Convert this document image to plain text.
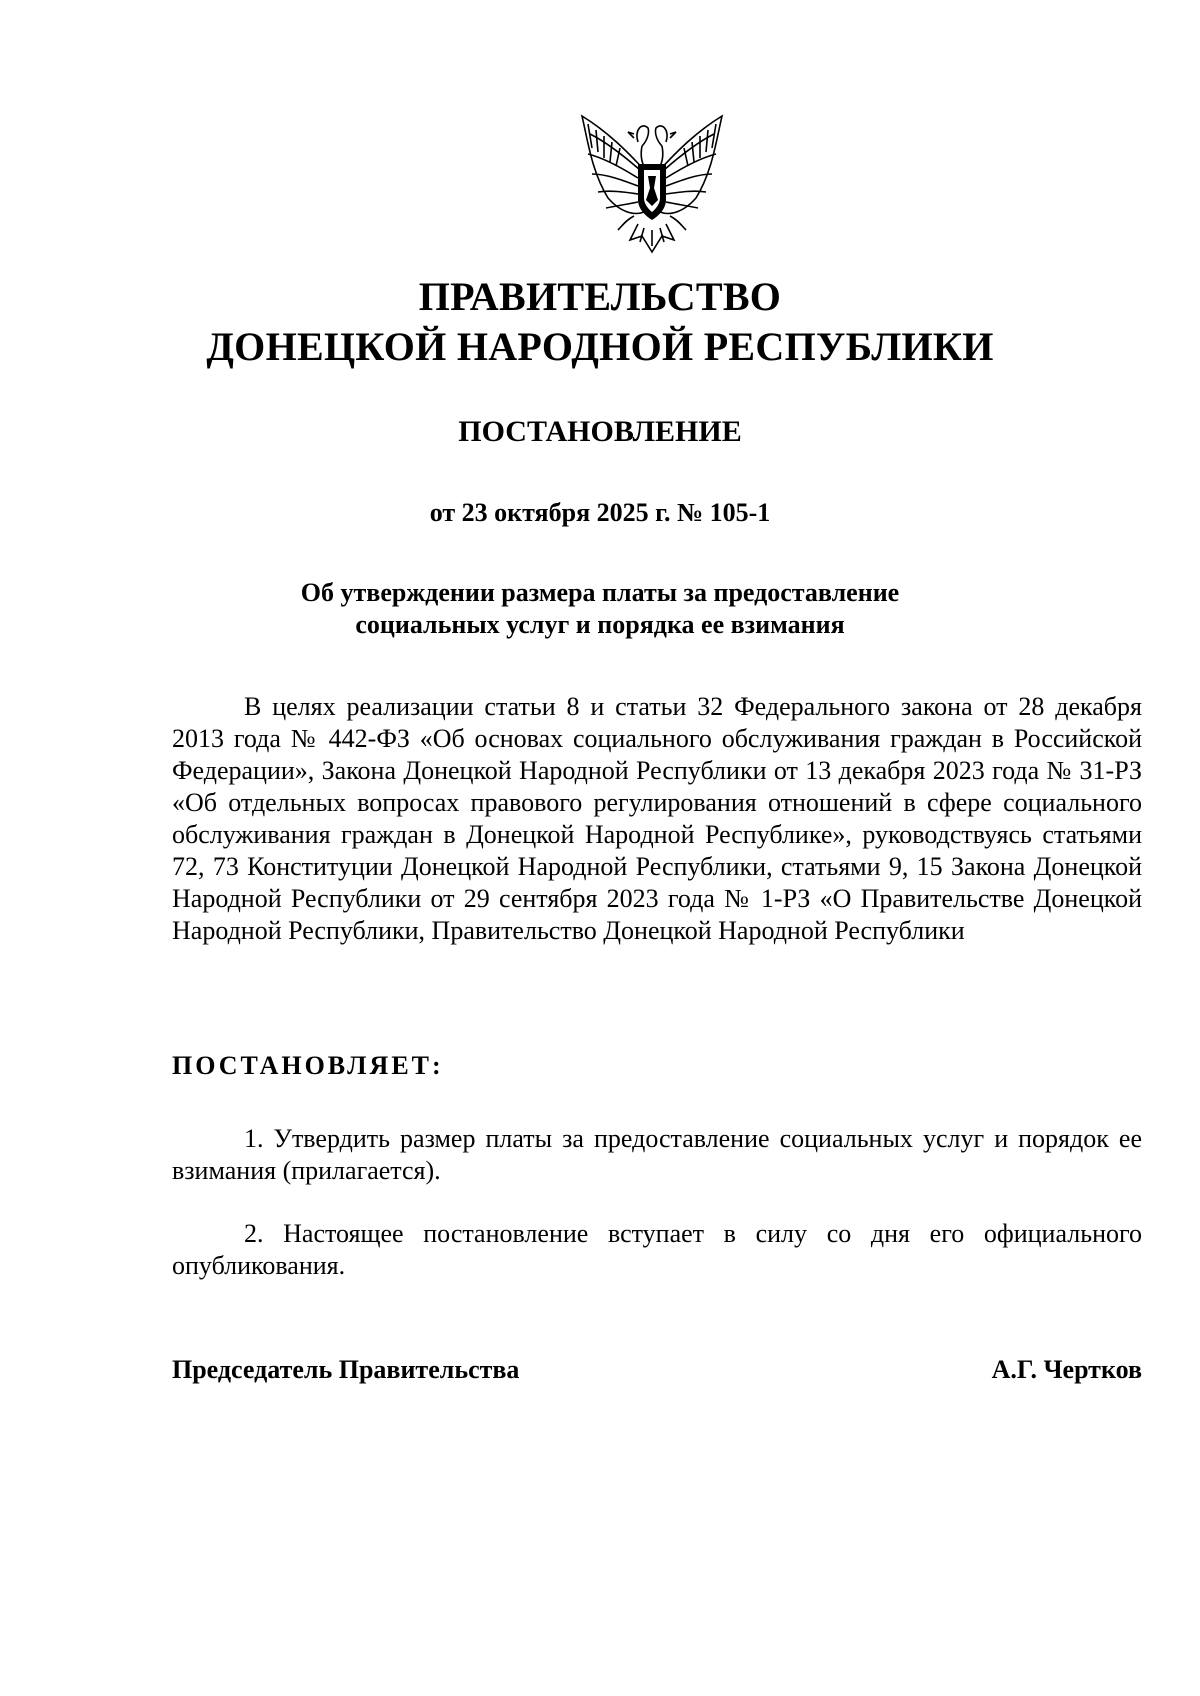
ПРАВИТЕЛЬСТВО
ДОНЕЦКОЙ НАРОДНОЙ РЕСПУБЛИКИ
ПОСТАНОВЛЕНИЕ
от 23 октября 2025 г. № 105-1
Об утверждении размера платы за предоставление
социальных услуг и порядка ее взимания

В целях реализации статьи 8 и статьи 32 Федерального закона от 28 декабря 2013 года № 442-ФЗ «Об основах социального обслуживания граждан в Российской Федерации», Закона Донецкой Народной Республики от 13 декабря 2023 года № 31-РЗ «Об отдельных вопросах правового регулирования отношений в сфере социального обслуживания граждан в Донецкой Народной Республике», руководствуясь статьями 72, 73 Конституции Донецкой Народной Республики, статьями 9, 15 Закона Донецкой Народной Республики от 29 сентября 2023 года № 1-РЗ «О Правительстве Донецкой Народной Республики, Правительство Донецкой Народной Республики

ПОСТАНОВЛЯЕТ:

1. Утвердить размер платы за предоставление социальных услуг и порядок ее взимания (прилагается).

2. Настоящее постановление вступает в силу со дня его официального опубликования.

Председатель Правительства	А.Г. Чертков
